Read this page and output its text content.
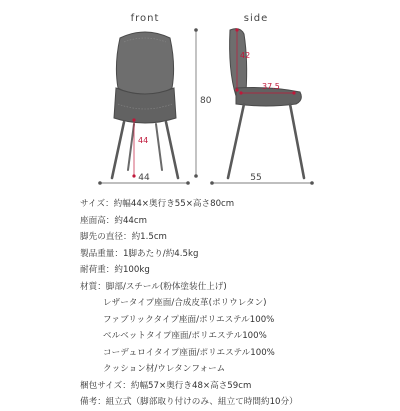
front	side
44
44
80
42
37.5
55
サイズ：約幅44×奥行き55×高さ80cm
座面高：約44cm
脚先の直径：約1.5cm
製品重量：1脚あたり/約4.5kg
耐荷重：約100kg
材質：脚部/スチール(粉体塗装仕上げ)
レザータイプ座面/合成皮革(ポリウレタン)
ファブリックタイプ座面/ポリエステル100%
ベルベットタイプ座面/ポリエステル100%
コーデュロイタイプ座面/ポリエステル100%
クッション材/ウレタンフォーム
梱包サイズ：約幅57×奥行き48×高さ59cm
備考：組立式（脚部取り付けのみ、組立て時間約10分）
